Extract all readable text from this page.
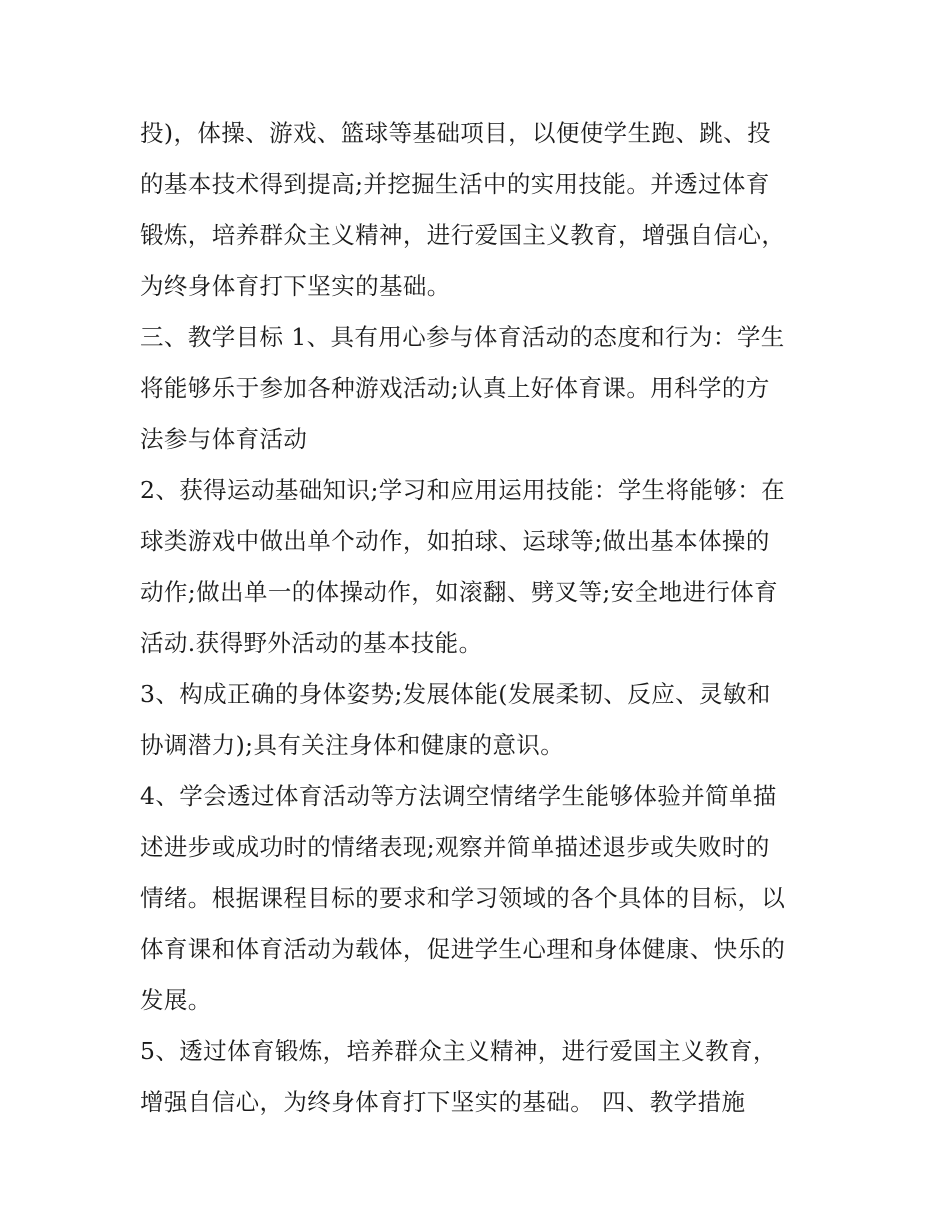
投)，体操、游戏、篮球等基础项目，以便使学生跑、跳、投
的基本技术得到提高;并挖掘生活中的实用技能。并透过体育
锻炼，培养群众主义精神，进行爱国主义教育，增强自信心，
为终身体育打下坚实的基础。

三、教学目标 1、具有用心参与体育活动的态度和行为：学生
将能够乐于参加各种游戏活动;认真上好体育课。用科学的方
法参与体育活动

2、获得运动基础知识;学习和应用运用技能：学生将能够：在
球类游戏中做出单个动作，如拍球、运球等;做出基本体操的
动作;做出单一的体操动作，如滚翻、劈叉等;安全地进行体育
活动.获得野外活动的基本技能。

3、构成正确的身体姿势;发展体能(发展柔韧、反应、灵敏和
协调潜力);具有关注身体和健康的意识。

4、学会透过体育活动等方法调空情绪学生能够体验并简单描
述进步或成功时的情绪表现;观察并简单描述退步或失败时的
情绪。根据课程目标的要求和学习领域的各个具体的目标，以
体育课和体育活动为载体，促进学生心理和身体健康、快乐的
发展。

5、透过体育锻炼，培养群众主义精神，进行爱国主义教育，
增强自信心，为终身体育打下坚实的基础。 四、教学措施
